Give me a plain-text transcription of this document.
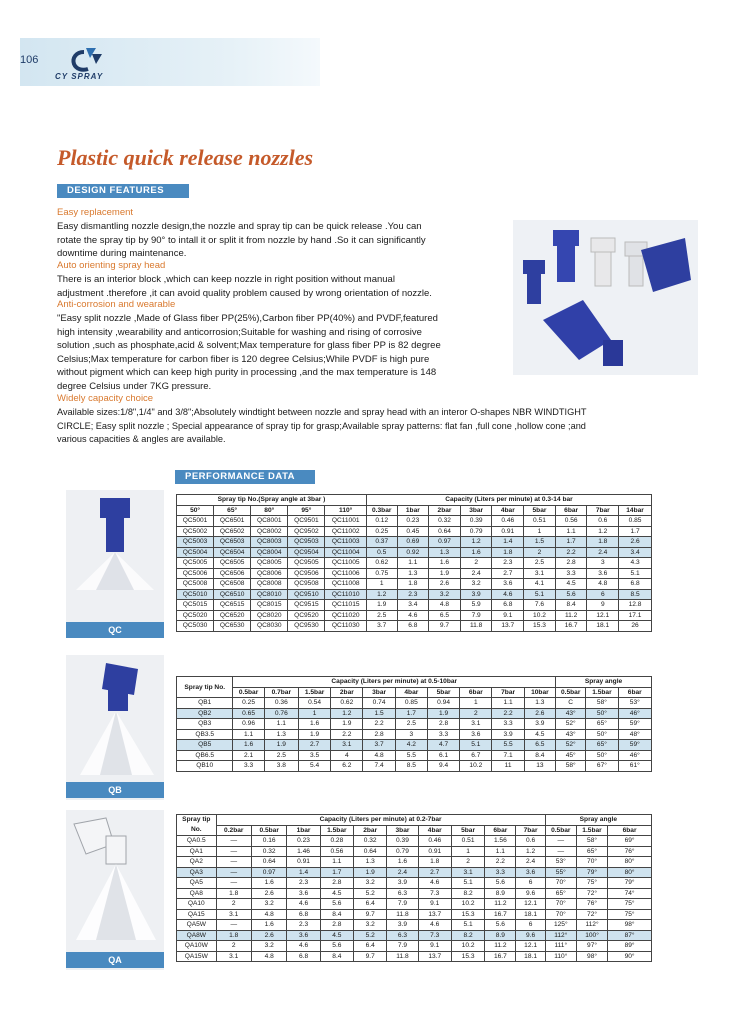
106
CY SPRAY
Plastic quick release nozzles
DESIGN FEATURES
Easy replacement
Easy dismantling nozzle design,the nozzle and spray tip can be quick release .You can
rotate the spray tip by 90° to intall it or split it from nozzle by hand .So it can significantly
downtime during maintenance.
Auto orienting spray head
There is an interior block ,which can keep nozzle in right position without manual
adjustment .therefore ,it can avoid quality problem caused by wrong orientation of nozzle.
Anti-corrosion and wearable
"Easy split nozzle ,Made of Glass fiber PP(25%),Carbon fiber PP(40%) and PVDF,featured
high intensity ,wearability and anticorrosion;Suitable for washing and rising of corrosive
solution ,such as phosphate,acid & solvent;Max temperature for glass fiber PP is 82 degree
Celsius;Max temperature for carbon fiber is 120 degree Celsius;While PVDF is high pure
without pigment which can keep high purity in processing ,and the max temperature is 148
degree Celsius under 7KG pressure.
Widely capacity choice
Available sizes:1/8",1/4" and 3/8";Absolutely windtight between nozzle and spray head with an interor O-shapes NBR WINDTIGHT
CIRCLE; Easy split nozzle ; Special appearance of spray tip for grasp;Available spray patterns: flat fan ,full cone ,hollow cone ;and
various capacities & angles are available.
PERFORMANCE DATA
QC
Spray tip No.(Spray angle at 3bar )					Capacity (Liters per minute) at 0.3-14 bar								
50°	65°	80°	95°	110°	0.3bar	1bar	2bar	3bar	4bar	5bar	6bar	7bar	14bar
QC5001	QC6501	QC8001	QC9501	QC11001	0.12	0.23	0.32	0.39	0.46	0.51	0.56	0.6	0.85
QC5002	QC6502	QC8002	QC9502	QC11002	0.25	0.45	0.64	0.79	0.91	1	1.1	1.2	1.7
QC5003	QC6503	QC8003	QC9503	QC11003	0.37	0.69	0.97	1.2	1.4	1.5	1.7	1.8	2.6
QC5004	QC6504	QC8004	QC9504	QC11004	0.5	0.92	1.3	1.6	1.8	2	2.2	2.4	3.4
QC5005	QC6505	QC8005	QC9505	QC11005	0.62	1.1	1.6	2	2.3	2.5	2.8	3	4.3
QC5006	QC6506	QC8006	QC9506	QC11006	0.75	1.3	1.9	2.4	2.7	3.1	3.3	3.6	5.1
QC5008	QC6508	QC8008	QC9508	QC11008	1	1.8	2.6	3.2	3.6	4.1	4.5	4.8	6.8
QC5010	QC6510	QC8010	QC9510	QC11010	1.2	2.3	3.2	3.9	4.6	5.1	5.6	6	8.5
QC5015	QC6515	QC8015	QC9515	QC11015	1.9	3.4	4.8	5.9	6.8	7.6	8.4	9	12.8
QC5020	QC6520	QC8020	QC9520	QC11020	2.5	4.6	6.5	7.9	9.1	10.2	11.2	12.1	17.1
QC5030	QC6530	QC8030	QC9530	QC11030	3.7	6.8	9.7	11.8	13.7	15.3	16.7	18.1	26
QB
Spray tip No.	Capacity (Liters per minute) at 0.5-10bar										Spray angle		
	0.5bar	0.7bar	1.5bar	2bar	3bar	4bar	5bar	6bar	7bar	10bar	0.5bar	1.5bar	6bar
QB1	0.25	0.36	0.54	0.62	0.74	0.85	0.94	1	1.1	1.3	C	58°	53°
QB2	0.65	0.76	1	1.2	1.5	1.7	1.9	2	2.2	2.6	43°	50°	46°
QB3	0.96	1.1	1.6	1.9	2.2	2.5	2.8	3.1	3.3	3.9	52°	65°	59°
QB3.5	1.1	1.3	1.9	2.2	2.8	3	3.3	3.6	3.9	4.5	43°	50°	48°
QB5	1.6	1.9	2.7	3.1	3.7	4.2	4.7	5.1	5.5	6.5	52°	65°	59°
QB6.5	2.1	2.5	3.5	4	4.8	5.5	6.1	6.7	7.1	8.4	45°	50°	46°
QB10	3.3	3.8	5.4	6.2	7.4	8.5	9.4	10.2	11	13	58°	67°	61°
QA
Spray tip No.	Capacity (Liters per minute) at 0.2-7bar										Spray angle		
	0.2bar	0.5bar	1bar	1.5bar	2bar	3bar	4bar	5bar	6bar	7bar	0.5bar	1.5bar	6bar
QA0.5	—	0.16	0.23	0.28	0.32	0.39	0.46	0.51	1.56	0.6	—	58°	69°
QA1	—	0.32	1.46	0.56	0.64	0.79	0.91	1	1.1	1.2	—	65°	76°
QA2	—	0.64	0.91	1.1	1.3	1.6	1.8	2	2.2	2.4	53°	70°	80°
QA3	—	0.97	1.4	1.7	1.9	2.4	2.7	3.1	3.3	3.6	55°	79°	80°
QA5	—	1.6	2.3	2.8	3.2	3.9	4.6	5.1	5.6	6	70°	75°	79°
QA8	1.8	2.6	3.6	4.5	5.2	6.3	7.3	8.2	8.9	9.6	65°	72°	74°
QA10	2	3.2	4.6	5.6	6.4	7.9	9.1	10.2	11.2	12.1	70°	76°	75°
QA15	3.1	4.8	6.8	8.4	9.7	11.8	13.7	15.3	16.7	18.1	70°	72°	75°
QA5W	—	1.6	2.3	2.8	3.2	3.9	4.6	5.1	5.6	6	125°	112°	98°
QA8W	1.8	2.6	3.6	4.5	5.2	6.3	7.3	8.2	8.9	9.6	112°	100°	87°
QA10W	2	3.2	4.6	5.6	6.4	7.9	9.1	10.2	11.2	12.1	111°	97°	89°
QA15W	3.1	4.8	6.8	8.4	9.7	11.8	13.7	15.3	16.7	18.1	110°	98°	90°
